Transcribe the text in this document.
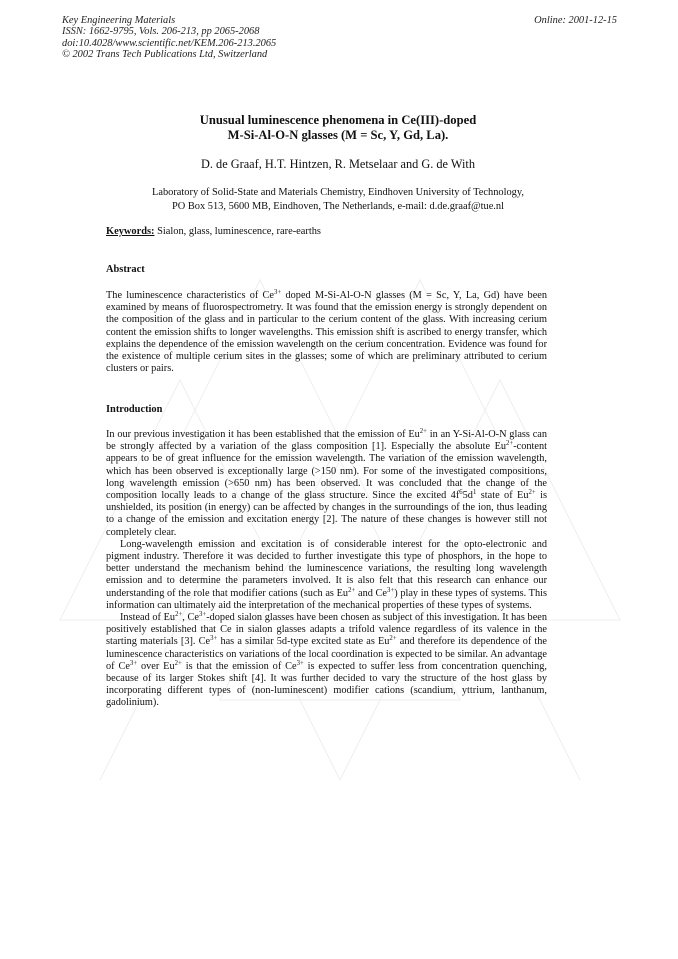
Key Engineering Materials
ISSN: 1662-9795, Vols. 206-213, pp 2065-2068
doi:10.4028/www.scientific.net/KEM.206-213.2065
© 2002 Trans Tech Publications Ltd, Switzerland
Online: 2001-12-15
Unusual luminescence phenomena in Ce(III)-doped
M-Si-Al-O-N glasses (M = Sc, Y, Gd, La).
D. de Graaf, H.T. Hintzen, R. Metselaar and G. de With
Laboratory of Solid-State and Materials Chemistry, Eindhoven University of Technology,
PO Box 513, 5600 MB, Eindhoven, The Netherlands, e-mail: d.de.graaf@tue.nl
Keywords: Sialon, glass, luminescence, rare-earths
Abstract

The luminescence characteristics of $Ce^{3+}$ doped M-Si-Al-O-N glasses (M = Sc, Y, La, Gd) have been examined by means of fluorospectrometry. It was found that the emission energy is strongly dependent on the composition of the glass and in particular to the cerium content of the glass. With increasing cerium content the emission shifts to longer wavelengths. This emission shift is ascribed to energy transfer, which explains the dependence of the emission wavelength on the cerium concentration. Evidence was found for the existence of multiple cerium sites in the glasses; some of which are preliminary attributed to cerium clusters or pairs.

Introduction

In our previous investigation it has been established that the emission of $Eu^{2+}$ in an Y-Si-Al-O-N glass can be strongly affected by a variation of the glass composition [1]. Especially the absolute $Eu^{2+}$-content appears to be of great influence for the emission wavelength. The variation of the emission wavelength, which has been observed is exceptionally large (>150 nm). For some of the investigated compositions, long wavelength emission (>650 nm) has been observed. It was concluded that the change of the composition locally leads to a change of the glass structure. Since the excited $4f^65d^1$ state of $Eu^{2+}$ is unshielded, its position (in energy) can be affected by changes in the surroundings of the ion, thus leading to a change of the emission and excitation energy [2]. The nature of these changes is however still not completely clear.

Long-wavelength emission and excitation is of considerable interest for the opto-electronic and pigment industry. Therefore it was decided to further investigate this type of phosphors, in the hope to better understand the mechanism behind the luminescence variations, the resulting long wavelength emission and to determine the parameters involved. It is also felt that this research can enhance our understanding of the role that modifier cations (such as $Eu^{2+}$ and $Ce^{3+}$) play in these types of systems. This information can ultimately aid the interpretation of the mechanical properties of these types of systems.

Instead of $Eu^{2+}$, $Ce^{3+}$-doped sialon glasses have been chosen as subject of this investigation. It has been positively established that Ce in sialon glasses adapts a trifold valence regardless of its valence in the starting materials [3]. $Ce^{3+}$ has a similar 5d-type excited state as $Eu^{2+}$ and therefore its dependence of the luminescence characteristics on variations of the local coordination is expected to be similar. An advantage of $Ce^{3+}$ over $Eu^{2+}$ is that the emission of $Ce^{3+}$ is expected to suffer less from concentration quenching, because of its larger Stokes shift [4]. It was further decided to vary the structure of the host glass by incorporating different types of (non-luminescent) modifier cations (scandium, yttrium, lanthanum, gadolinium).
